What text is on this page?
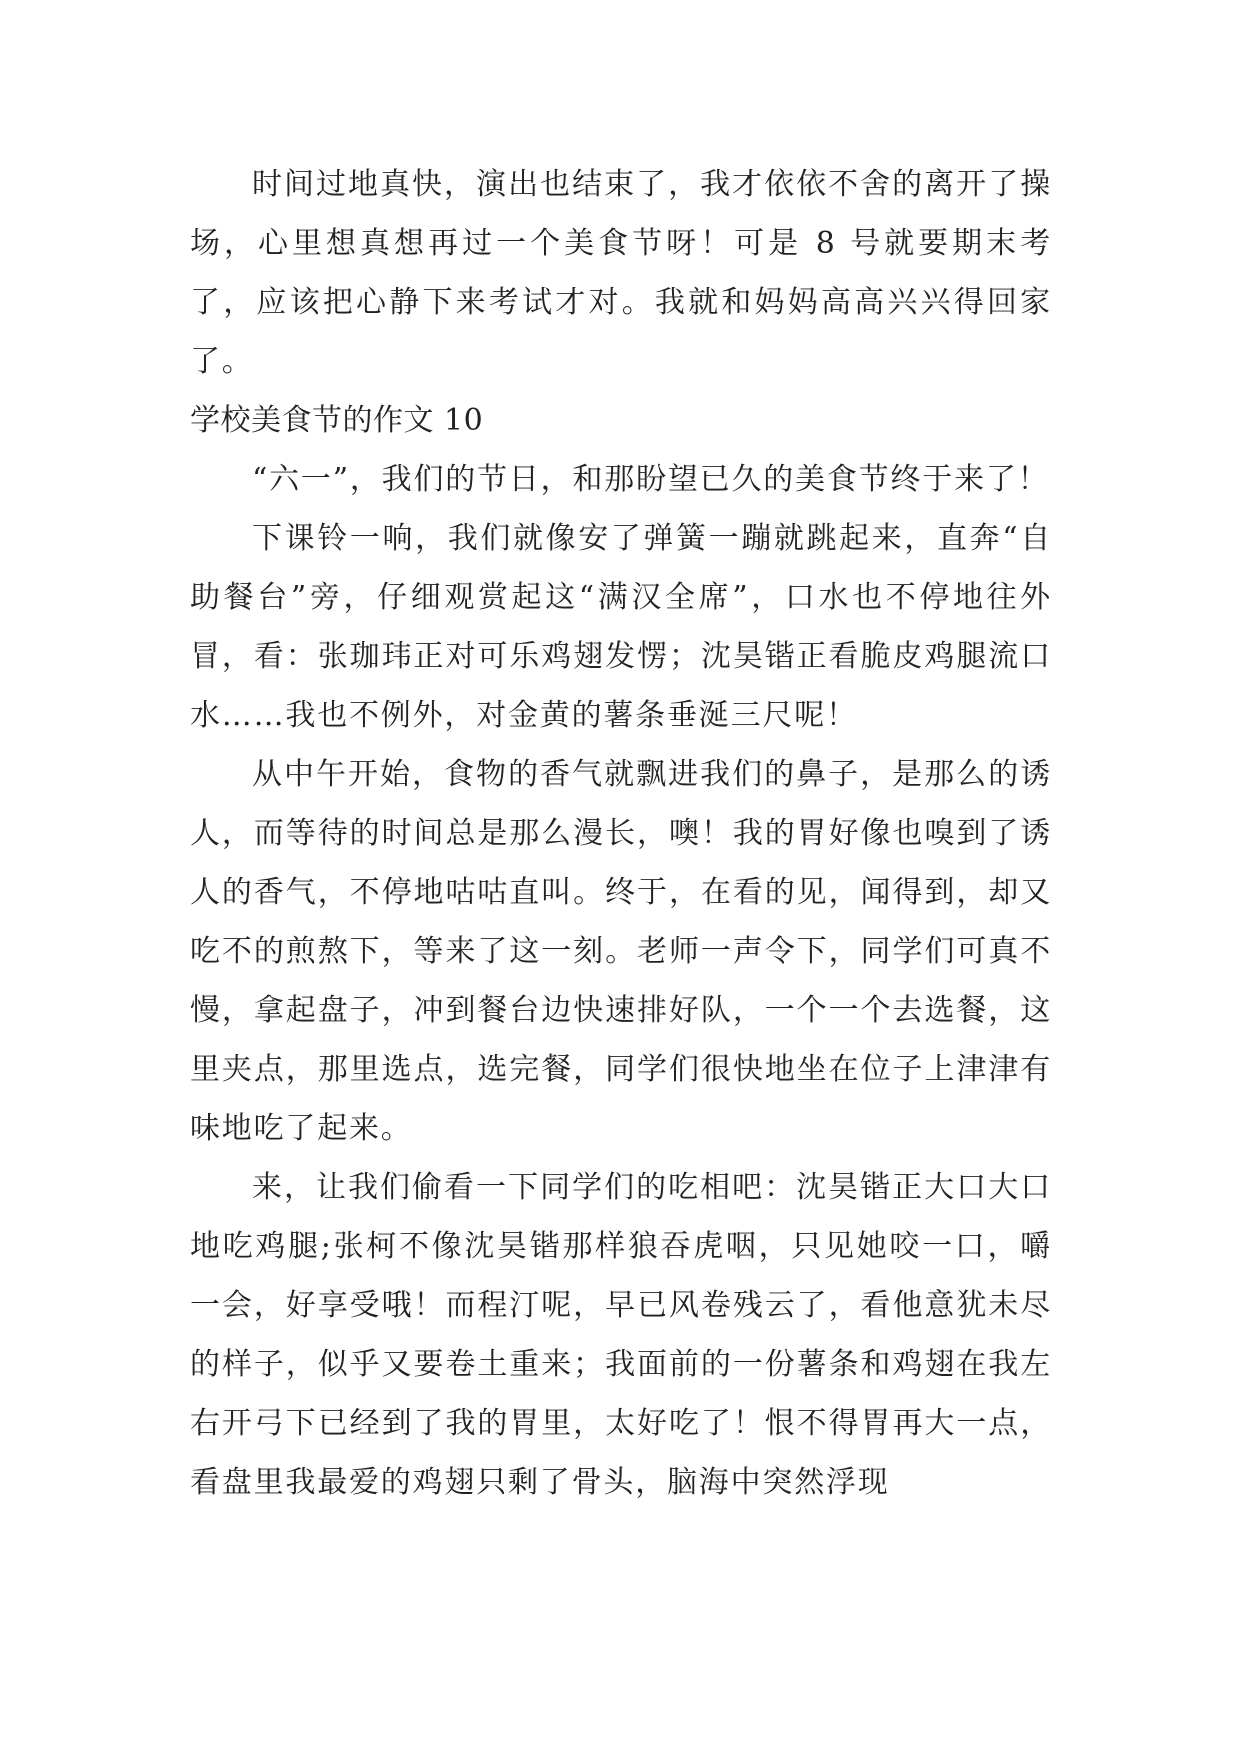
时间过地真快，演出也结束了，我才依依不舍的离开了操场，心里想真想再过一个美食节呀！可是 8 号就要期末考了，应该把心静下来考试才对。我就和妈妈高高兴兴得回家了。

学校美食节的作文 10

“六一”，我们的节日，和那盼望已久的美食节终于来了！

下课铃一响，我们就像安了弹簧一蹦就跳起来，直奔“自助餐台”旁，仔细观赏起这“满汉全席”，口水也不停地往外冒，看：张珈玮正对可乐鸡翅发愣；沈昊锴正看脆皮鸡腿流口水……我也不例外，对金黄的薯条垂涎三尺呢！

从中午开始，食物的香气就飘进我们的鼻子，是那么的诱人，而等待的时间总是那么漫长，噢！我的胃好像也嗅到了诱人的香气，不停地咕咕直叫。终于，在看的见，闻得到，却又吃不的煎熬下，等来了这一刻。老师一声令下，同学们可真不慢，拿起盘子，冲到餐台边快速排好队，一个一个去选餐，这里夹点，那里选点，选完餐，同学们很快地坐在位子上津津有味地吃了起来。

来，让我们偷看一下同学们的吃相吧：沈昊锴正大口大口地吃鸡腿;张柯不像沈昊锴那样狼吞虎咽，只见她咬一口，嚼一会，好享受哦！而程汀呢，早已风卷残云了，看他意犹未尽的样子，似乎又要卷土重来；我面前的一份薯条和鸡翅在我左右开弓下已经到了我的胃里，太好吃了！恨不得胃再大一点，看盘里我最爱的鸡翅只剩了骨头，脑海中突然浮现
